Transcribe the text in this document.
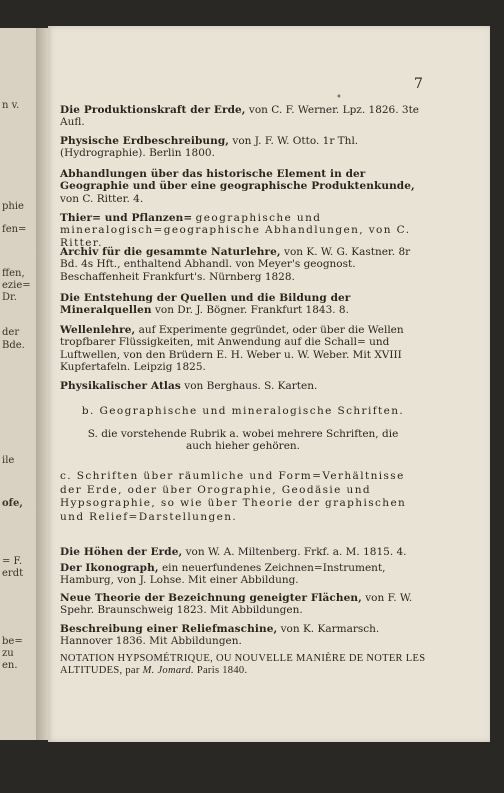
n v.
phie
fen=
ffen,
ezie=
Dr.
der
Bde.
ile
ofe,
= F.
erdt
be=
zu
en.
7
•
Die Produktionskraft der Erde, von C. F. Werner. Lpz. 1826. 3te Aufl.
Physische Erdbeschreibung, von J. F. W. Otto. 1r Thl. (Hydrographie). Berlin 1800.
Abhandlungen über das historische Element in der Geographie und über eine geographische Produktenkunde, von C. Ritter. 4.
Thier= und Pflanzen= geographische und mineralogisch=geographische Abhandlungen, von C. Ritter.
Archiv für die gesammte Naturlehre, von K. W. G. Kastner. 8r Bd. 4s Hft., enthaltend Abhandl. von Meyer's geognost. Beschaffenheit Frankfurt's. Nürnberg 1828.
Die Entstehung der Quellen und die Bildung der Mineralquellen von Dr. J. Bögner. Frankfurt 1843. 8.
Wellenlehre, auf Experimente gegründet, oder über die Wellen tropfbarer Flüssigkeiten, mit Anwendung auf die Schall= und Luftwellen, von den Brüdern E. H. Weber u. W. Weber. Mit XVIII Kupfertafeln. Leipzig 1825.
Physikalischer Atlas von Berghaus. S. Karten.
b. Geographische und mineralogische Schriften.
S. die vorstehende Rubrik a. wobei mehrere Schriften, die auch hieher gehören.
c. Schriften über räumliche und Form=Verhältnisse der Erde, oder über Orographie, Geodäsie und Hypsographie, so wie über Theorie der graphischen und Relief=Darstellungen.
Die Höhen der Erde, von W. A. Miltenberg. Frkf. a. M. 1815. 4.
Der Ikonograph, ein neuerfundenes Zeichnen=Instrument, Hamburg, von J. Lohse. Mit einer Abbildung.
Neue Theorie der Bezeichnung geneigter Flächen, von F. W. Spehr. Braunschweig 1823. Mit Abbildungen.
Beschreibung einer Reliefmaschine, von K. Karmarsch. Hannover 1836. Mit Abbildungen.
NOTATION HYPSOMÉTRIQUE, OU NOUVELLE MANIÈRE DE NOTER LES ALTITUDES, par M. Jomard. Paris 1840.
